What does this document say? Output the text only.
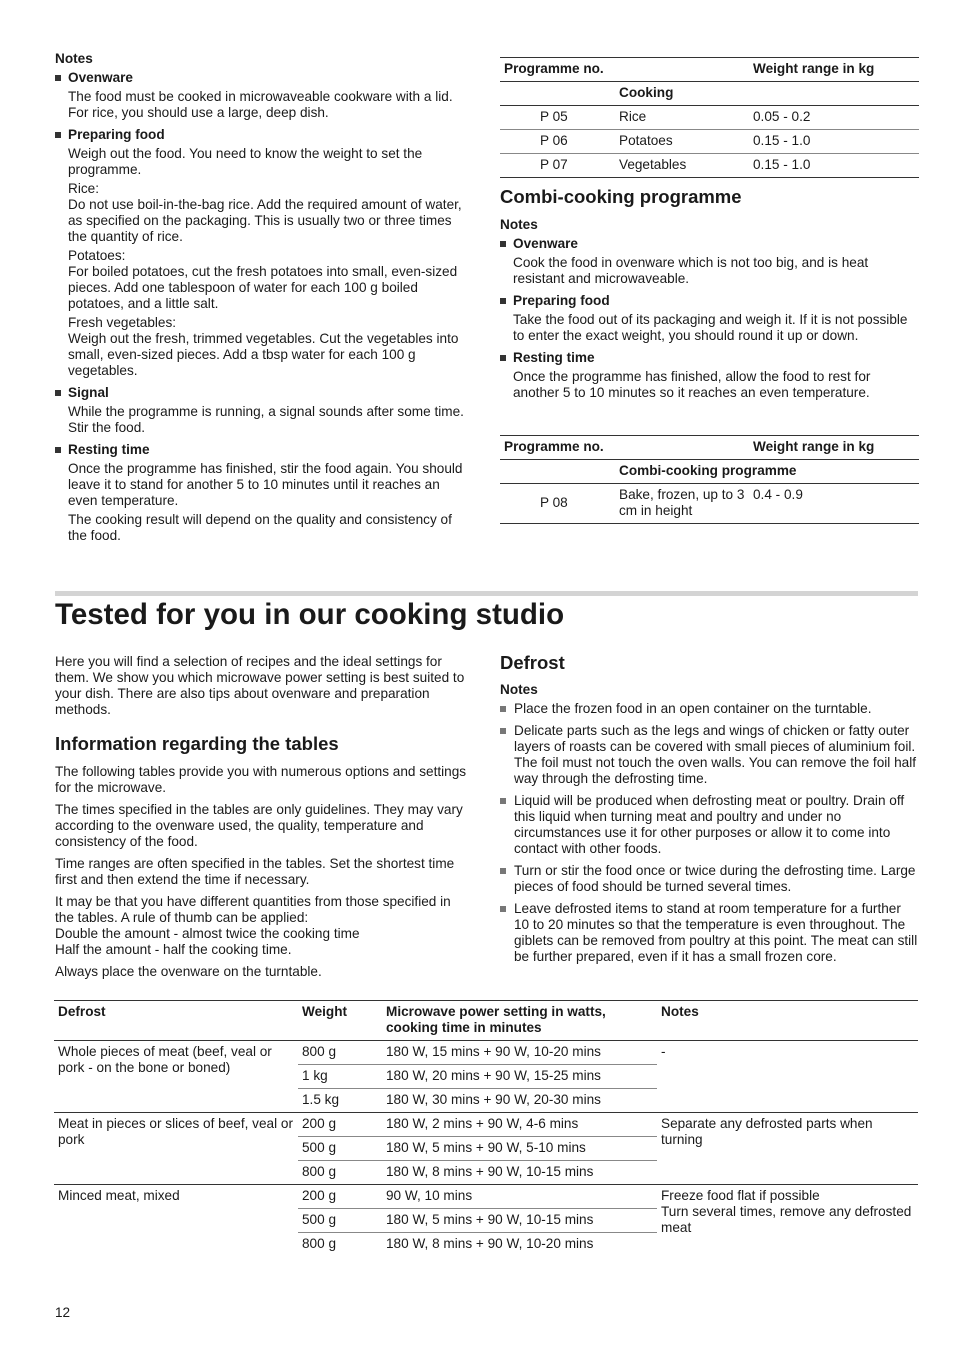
Notes

Ovenware

The food must be cooked in microwaveable cookware with a lid. For rice, you should use a large, deep dish.

Preparing food

Weigh out the food. You need to know the weight to set the programme.

Rice:

Do not use boil-in-the-bag rice. Add the required amount of water, as specified on the packaging. This is usually two or three times the quantity of rice.

Potatoes:

For boiled potatoes, cut the fresh potatoes into small, even-sized pieces. Add one tablespoon of water for each 100 g boiled potatoes, and a little salt.

Fresh vegetables:

Weigh out the fresh, trimmed vegetables. Cut the vegetables into small, even-sized pieces. Add a tbsp water for each 100 g vegetables.

Signal

While the programme is running, a signal sounds after some time. Stir the food.

Resting time

Once the programme has finished, stir the food again. You should leave it to stand for another 5 to 10 minutes until it reaches an even temperature.

The cooking result will depend on the quality and consistency of the food.

Programme no.		Weight range in kg
	Cooking	
P 05	Rice	0.05 - 0.2
P 06	Potatoes	0.15 - 1.0
P 07	Vegetables	0.15 - 1.0

Combi-cooking programme

Notes

Ovenware

Cook the food in ovenware which is not too big, and is heat resistant and microwaveable.

Preparing food

Take the food out of its packaging and weigh it. If it is not possible to enter the exact weight, you should round it up or down.

Resting time

Once the programme has finished, allow the food to rest for another 5 to 10 minutes so it reaches an even temperature.

Programme no.		Weight range in kg
	Combi-cooking programme	
P 08	Bake, frozen, up to 3 cm in height	0.4 - 0.9
Tested for you in our cooking studio

Here you will find a selection of recipes and the ideal settings for them. We show you which microwave power setting is best suited to your dish. There are also tips about ovenware and preparation methods.

Information regarding the tables

The following tables provide you with numerous options and settings for the microwave.

The times specified in the tables are only guidelines. They may vary according to the ovenware used, the quality, temperature and consistency of the food.

Time ranges are often specified in the tables. Set the shortest time first and then extend the time if necessary.

It may be that you have different quantities from those specified in the tables. A rule of thumb can be applied:

Double the amount - almost twice the cooking time

Half the amount - half the cooking time.

Always place the ovenware on the turntable.

Defrost

Notes

Place the frozen food in an open container on the turntable.

Delicate parts such as the legs and wings of chicken or fatty outer layers of roasts can be covered with small pieces of aluminium foil. The foil must not touch the oven walls. You can remove the foil half way through the defrosting time.

Liquid will be produced when defrosting meat or poultry. Drain off this liquid when turning meat and poultry and under no circumstances use it for other purposes or allow it to come into contact with other foods.

Turn or stir the food once or twice during the defrosting time. Large pieces of food should be turned several times.

Leave defrosted items to stand at room temperature for a further 10 to 20 minutes so that the temperature is even throughout. The giblets can be removed from poultry at this point. The meat can still be further prepared, even if it has a small frozen core.

Defrost	Weight	Microwave power setting in watts, cooking time in minutes	Notes
Whole pieces of meat (beef, veal or pork - on the bone or boned)	800 g	180 W, 15 mins + 90 W, 10-20 mins	-
	1 kg	180 W, 20 mins + 90 W, 15-25 mins	
	1.5 kg	180 W, 30 mins + 90 W, 20-30 mins	
Meat in pieces or slices of beef, veal or pork	200 g	180 W, 2 mins + 90 W, 4-6 mins	Separate any defrosted parts when turning
	500 g	180 W, 5 mins + 90 W, 5-10 mins	
	800 g	180 W, 8 mins + 90 W, 10-15 mins	
Minced meat, mixed	200 g	90 W, 10 mins	Freeze food flat if possible
Turn several times, remove any defrosted meat

	500 g	180 W, 5 mins + 90 W, 10-15 mins	
	800 g	180 W, 8 mins + 90 W, 10-20 mins	
12
